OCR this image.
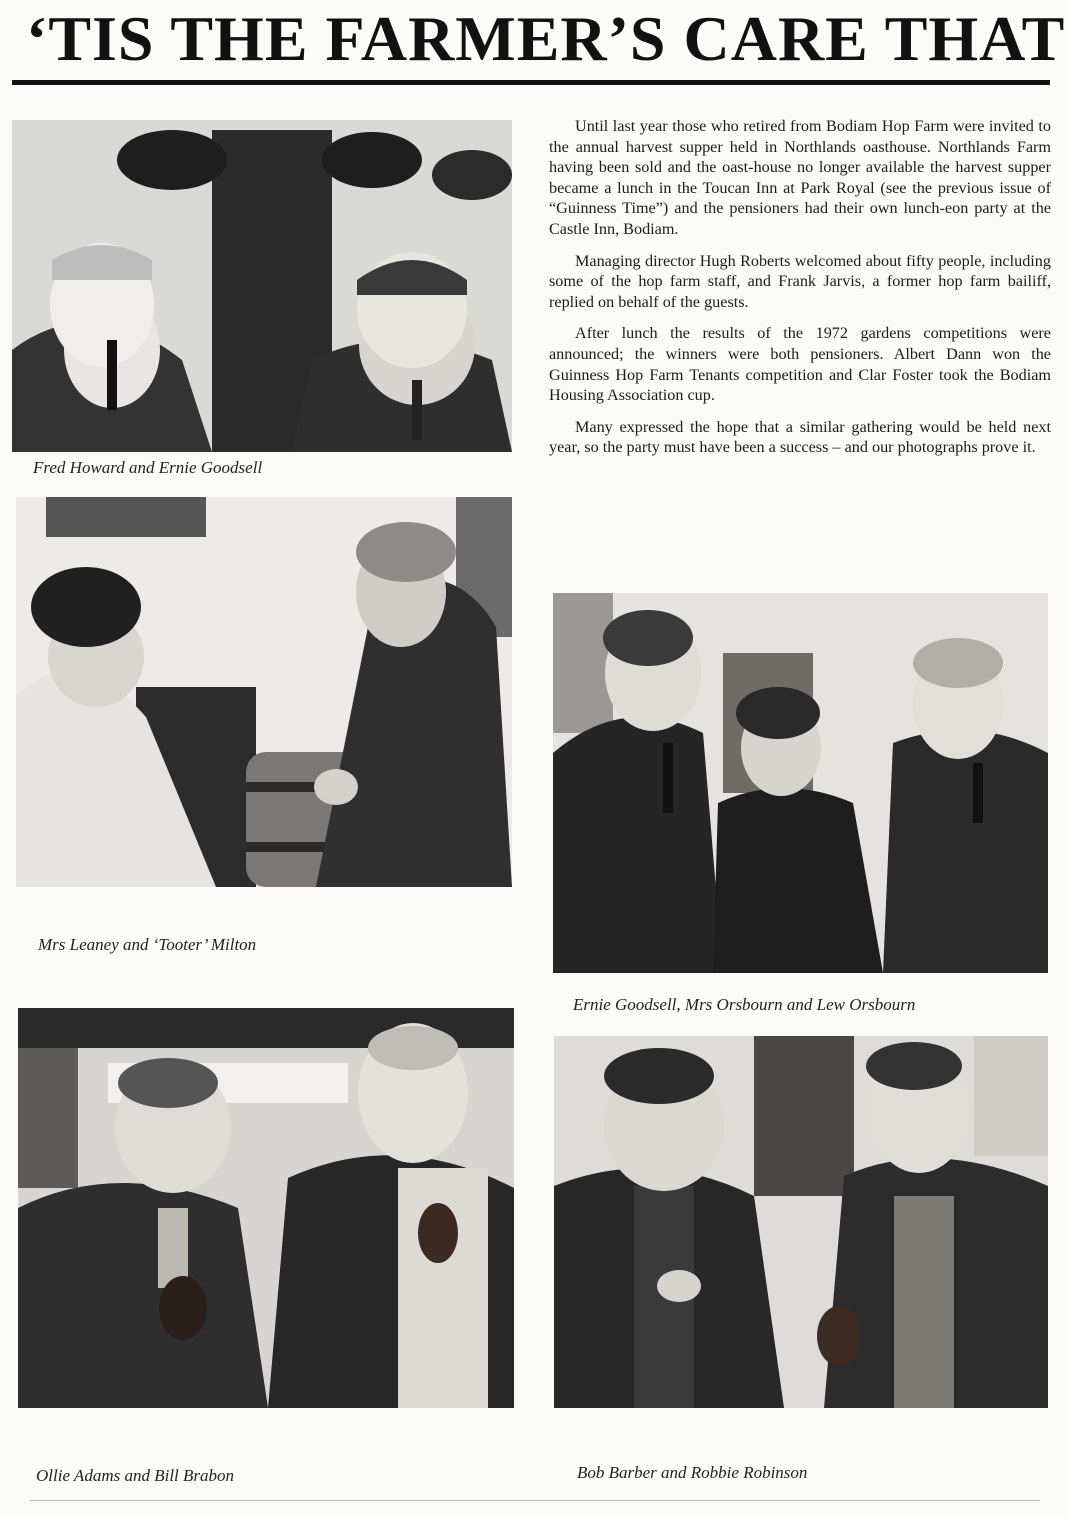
‘TIS THE FARMER’S CARE THAT
Fred Howard and Ernie Goodsell
Mrs Leaney and ‘Tooter’ Milton
Ernie Goodsell, Mrs Orsbourn and Lew Orsbourn
Ollie Adams and Bill Brabon	Bob Barber and Robbie Robinson

Until last year those who retired from Bodiam Hop Farm were invited to the annual harvest supper held in Northlands oasthouse. Northlands Farm having been sold and the oast-house no longer available the harvest supper became a lunch in the Toucan Inn at Park Royal (see the previous issue of “Guinness Time”) and the pensioners had their own lunch-eon party at the Castle Inn, Bodiam.

Managing director Hugh Roberts welcomed about fifty people, including some of the hop farm staff, and Frank Jarvis, a former hop farm bailiff, replied on behalf of the guests.

After lunch the results of the 1972 gardens competitions were announced; the winners were both pensioners. Albert Dann won the Guinness Hop Farm Tenants competition and Clar Foster took the Bodiam Housing Association cup.

Many expressed the hope that a similar gathering would be held next year, so the party must have been a success – and our photographs prove it.
